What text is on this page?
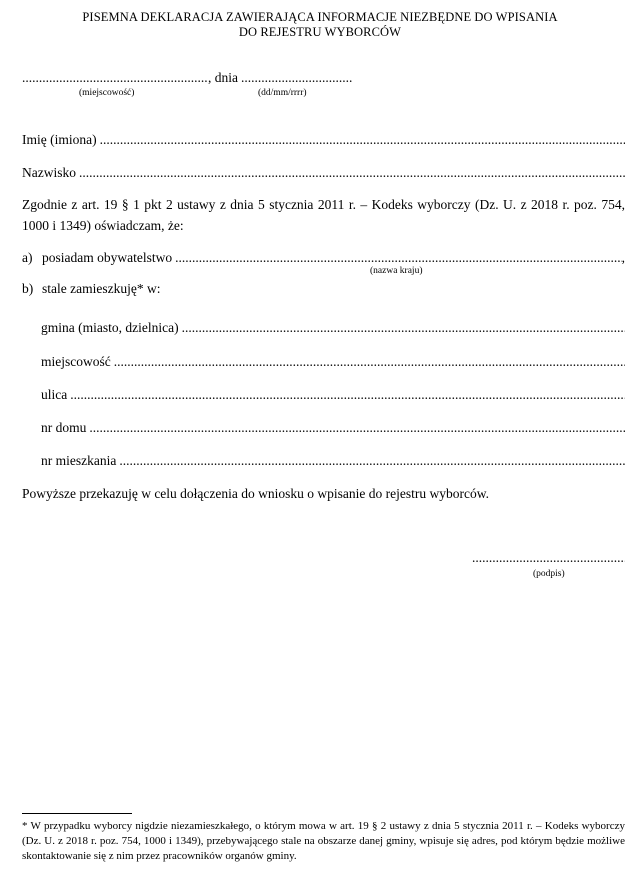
PISEMNA DEKLARACJA ZAWIERAJĄCA INFORMACJE NIEZBĘDNE DO WPISANIA
DO REJESTRU WYBORCÓW
.....
, dnia
.....
(miejscowość)	(dd/mm/rrrr)
Imię (imiona)
.....
Nazwisko
.....
Zgodnie z art. 19 § 1 pkt 2 ustawy z dnia 5 stycznia 2011 r. – Kodeks wyborczy (Dz. U. z 2018 r. poz. 754, 1000 i 1349) oświadczam, że:
a) posiadam obywatelstwo
.....	,
(nazwa kraju)
b) stale zamieszkuję* w:
gmina (miasto, dzielnica)
.....
miejscowość
.....
ulica
.....
nr domu
.....
nr mieszkania
.....
Powyższe przekazuję w celu dołączenia do wniosku o wpisanie do rejestru wyborców.
.....
(podpis)
* W przypadku wyborcy nigdzie niezamieszkałego, o którym mowa w art. 19 § 2 ustawy z dnia 5 stycznia 2011 r. – Kodeks wyborczy (Dz. U. z 2018 r. poz. 754, 1000 i 1349), przebywającego stale na obszarze danej gminy, wpisuje się adres, pod którym będzie możliwe skontaktowanie się z nim przez pracowników organów gminy.
